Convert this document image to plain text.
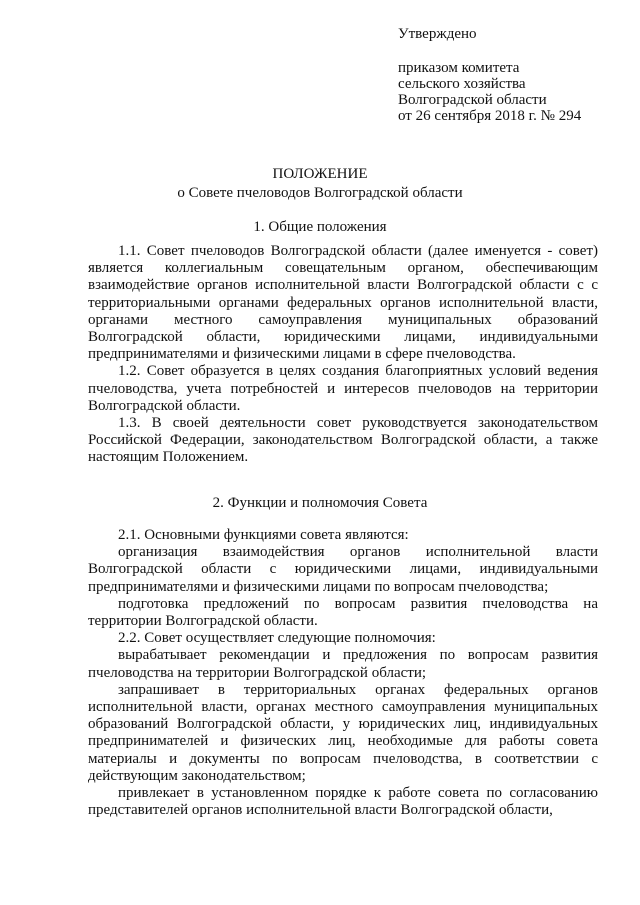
Утверждено
приказом комитета
сельского хозяйства
Волгоградской области
от 26 сентября 2018 г. № 294
ПОЛОЖЕНИЕ
о Совете пчеловодов Волгоградской области
1. Общие положения

1.1. Совет пчеловодов Волгоградской области (далее именуется - совет) является коллегиальным совещательным органом, обеспечивающим взаимодействие органов исполнительной власти Волгоградской области с с территориальными органами федеральных органов исполнительной власти, органами местного самоуправления муниципальных образований Волгоградской области, юридическими лицами, индивидуальными предпринимателями и физическими лицами в сфере пчеловодства.

1.2. Совет образуется в целях создания благоприятных условий ведения пчеловодства, учета потребностей и интересов пчеловодов на территории Волгоградской области.

1.3. В своей деятельности совет руководствуется законодательством Российской Федерации, законодательством Волгоградской области, а также настоящим Положением.

2. Функции и полномочия Совета

2.1. Основными функциями совета являются:

организация взаимодействия органов исполнительной власти Волгоградской области с юридическими лицами, индивидуальными предпринимателями и физическими лицами по вопросам пчеловодства;

подготовка предложений по вопросам развития пчеловодства на территории Волгоградской области.

2.2. Совет осуществляет следующие полномочия:

вырабатывает рекомендации и предложения по вопросам развития пчеловодства на территории Волгоградской области;

запрашивает в территориальных органах федеральных органов исполнительной власти, органах местного самоуправления муниципальных образований Волгоградской области, у юридических лиц, индивидуальных предпринимателей и физических лиц, необходимые для работы совета материалы и документы по вопросам пчеловодства, в соответствии с действующим законодательством;

привлекает в установленном порядке к работе совета по согласованию представителей органов исполнительной власти Волгоградской области,
